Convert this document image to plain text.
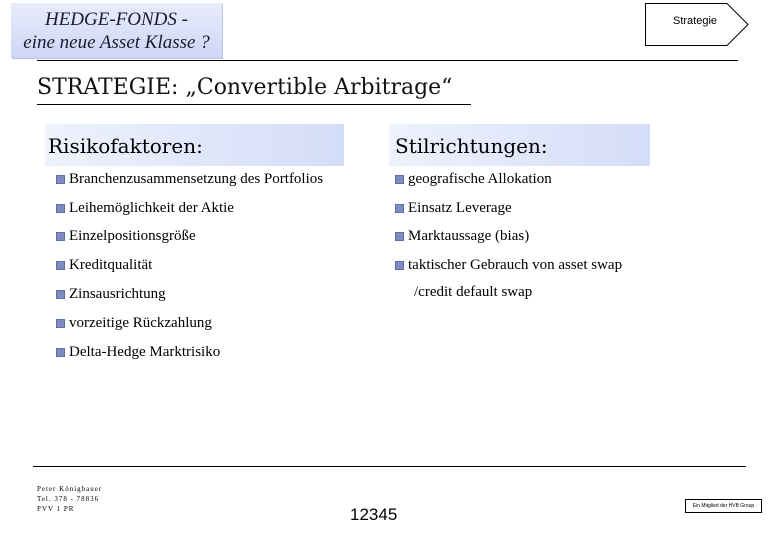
HEDGE-FONDS -
eine neue Asset Klasse ?
Strategie
STRATEGIE: „Convertible Arbitrage“
Risikofaktoren:	Stilrichtungen:
Branchenzusammensetzung des Portfolios
Leihemöglichkeit der Aktie
Einzelpositionsgröße
Kreditqualität
Zinsausrichtung
vorzeitige Rückzahlung
Delta-Hedge Marktrisiko
geografische Allokation
Einsatz Leverage
Marktaussage (bias)
taktischer Gebrauch von asset swap
/credit default swap
Peter Königbauer
Tel. 378 - 78836
PVV 1 PR	12345	Ein Mitglied der HVB Group
